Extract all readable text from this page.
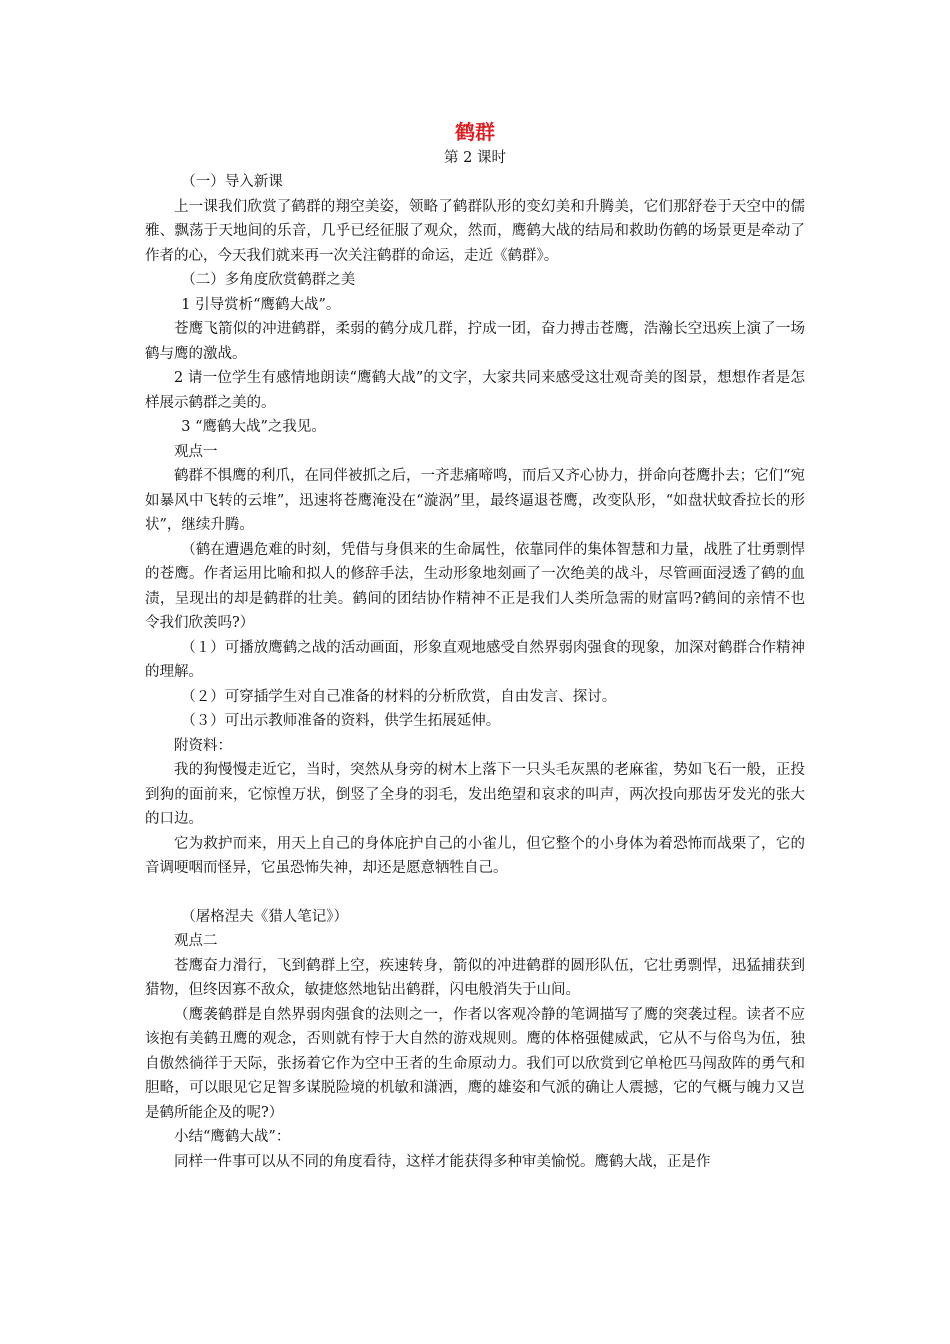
鹤群
第 2 课时

（一）导入新课

上一课我们欣赏了鹤群的翔空美姿，领略了鹤群队形的变幻美和升腾美，它们那舒卷于天空中的儒雅、飘荡于天地间的乐音，几乎已经征服了观众，然而，鹰鹤大战的结局和救助伤鹤的场景更是牵动了作者的心，今天我们就来再一次关注鹤群的命运，走近《鹤群》。

（二）多角度欣赏鹤群之美

1 引导赏析“鹰鹤大战”。

苍鹰飞箭似的冲进鹤群，柔弱的鹤分成几群，拧成一团，奋力搏击苍鹰，浩瀚长空迅疾上演了一场鹤与鹰的激战。

2 请一位学生有感情地朗读“鹰鹤大战”的文字，大家共同来感受这壮观奇美的图景，想想作者是怎样展示鹤群之美的。

3 “鹰鹤大战”之我见。

观点一

鹤群不惧鹰的利爪，在同伴被抓之后，一齐悲痛啼鸣，而后又齐心协力，拼命向苍鹰扑去；它们“宛如暴风中飞转的云堆”，迅速将苍鹰淹没在“漩涡”里，最终逼退苍鹰，改变队形，“如盘状蚊香拉长的形状”，继续升腾。

（鹤在遭遇危难的时刻，凭借与身俱来的生命属性，依靠同伴的集体智慧和力量，战胜了壮勇剽悍的苍鹰。作者运用比喻和拟人的修辞手法，生动形象地刻画了一次绝美的战斗，尽管画面浸透了鹤的血渍，呈现出的却是鹤群的壮美。鹤间的团结协作精神不正是我们人类所急需的财富吗?鹤间的亲情不也令我们欣羡吗?）

（１）可播放鹰鹤之战的活动画面，形象直观地感受自然界弱肉强食的现象，加深对鹤群合作精神的理解。

（２）可穿插学生对自己准备的材料的分析欣赏，自由发言、探讨。

（３）可出示教师准备的资料，供学生拓展延伸。

附资料：

我的狗慢慢走近它，当时，突然从身旁的树木上落下一只头毛灰黑的老麻雀，势如飞石一般，正投到狗的面前来，它惊惶万状，倒竖了全身的羽毛，发出绝望和哀求的叫声，两次投向那齿牙发光的张大的口边。

它为救护而来，用天上自己的身体庇护自己的小雀儿，但它整个的小身体为着恐怖而战栗了，它的音调哽咽而怪异，它虽恐怖失神，却还是愿意牺牲自己。

（屠格涅夫《猎人笔记》）

观点二

苍鹰奋力滑行，飞到鹤群上空，疾速转身，箭似的冲进鹤群的圆形队伍，它壮勇剽悍，迅猛捕获到猎物，但终因寡不敌众，敏捷悠然地钻出鹤群，闪电般消失于山间。

（鹰袭鹤群是自然界弱肉强食的法则之一，作者以客观冷静的笔调描写了鹰的突袭过程。读者不应该抱有美鹤丑鹰的观念，否则就有悖于大自然的游戏规则。鹰的体格强健威武，它从不与俗鸟为伍，独自傲然徜徉于天际，张扬着它作为空中王者的生命原动力。我们可以欣赏到它单枪匹马闯敌阵的勇气和胆略，可以眼见它足智多谋脱险境的机敏和潇洒，鹰的雄姿和气派的确让人震撼，它的气概与魄力又岂是鹤所能企及的呢?）

小结“鹰鹤大战”：

同样一件事可以从不同的角度看待，这样才能获得多种审美愉悦。鹰鹤大战，正是作
